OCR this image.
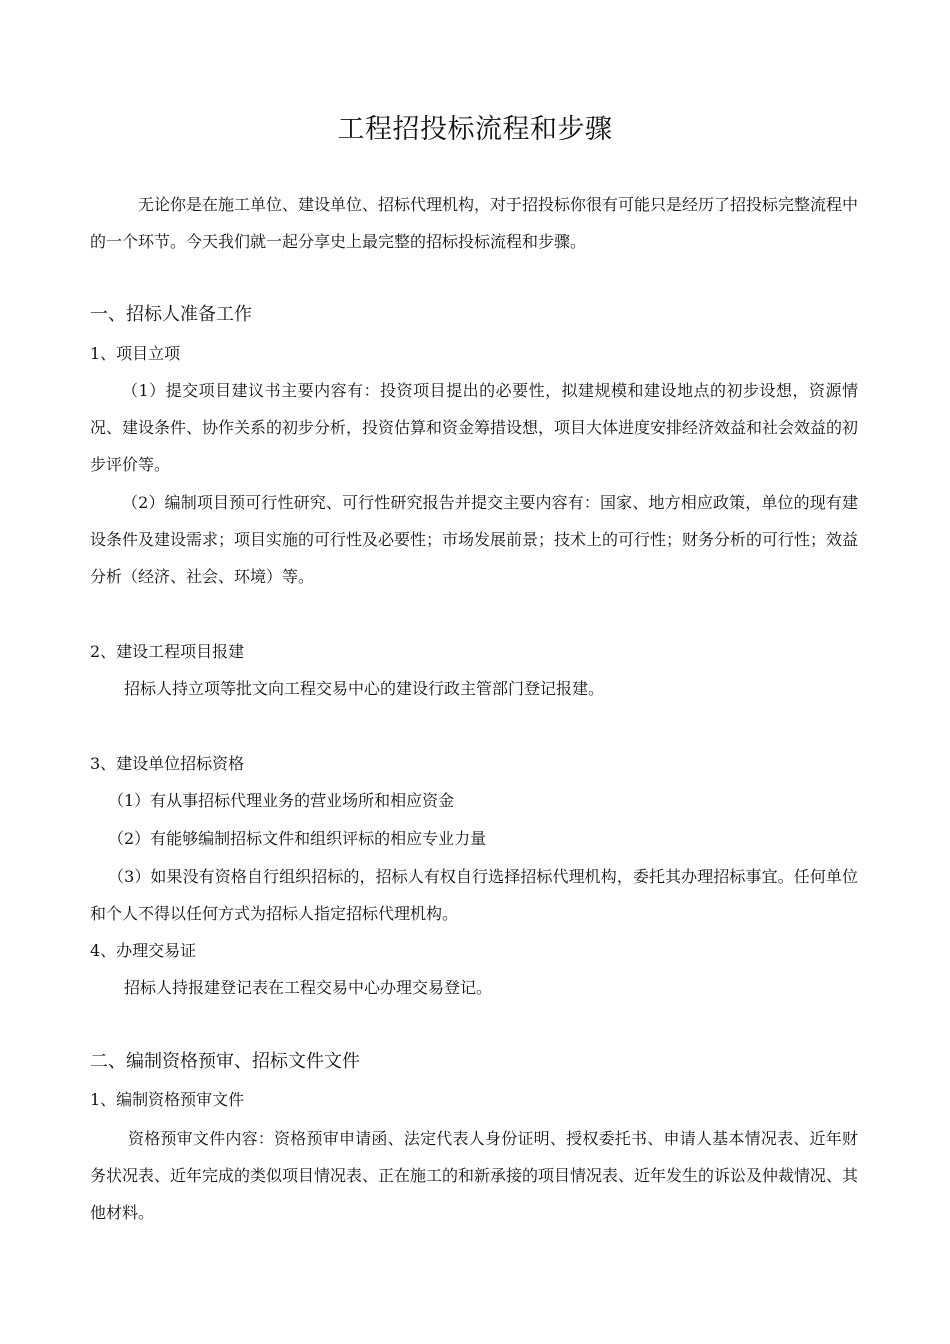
工程招投标流程和步骤

无论你是在施工单位、建设单位、招标代理机构，对于招投标你很有可能只是经历了招投标完整流程中的一个环节。今天我们就一起分享史上最完整的招标投标流程和步骤。

一、招标人准备工作
1、项目立项

（1）提交项目建议书主要内容有：投资项目提出的必要性，拟建规模和建设地点的初步设想，资源情况、建设条件、协作关系的初步分析，投资估算和资金筹措设想，项目大体进度安排经济效益和社会效益的初步评价等。

（2）编制项目预可行性研究、可行性研究报告并提交主要内容有：国家、地方相应政策，单位的现有建设条件及建设需求；项目实施的可行性及必要性；市场发展前景；技术上的可行性；财务分析的可行性；效益分析（经济、社会、环境）等。

2、建设工程项目报建
招标人持立项等批文向工程交易中心的建设行政主管部门登记报建。
3、建设单位招标资格
（1）有从事招标代理业务的营业场所和相应资金
（2）有能够编制招标文件和组织评标的相应专业力量

（3）如果没有资格自行组织招标的，招标人有权自行选择招标代理机构，委托其办理招标事宜。任何单位和个人不得以任何方式为招标人指定招标代理机构。

4、办理交易证
招标人持报建登记表在工程交易中心办理交易登记。
二、编制资格预审、招标文件文件
1、编制资格预审文件

资格预审文件内容：资格预审申请函、法定代表人身份证明、授权委托书、申请人基本情况表、近年财务状况表、近年完成的类似项目情况表、正在施工的和新承接的项目情况表、近年发生的诉讼及仲裁情况、其他材料。
